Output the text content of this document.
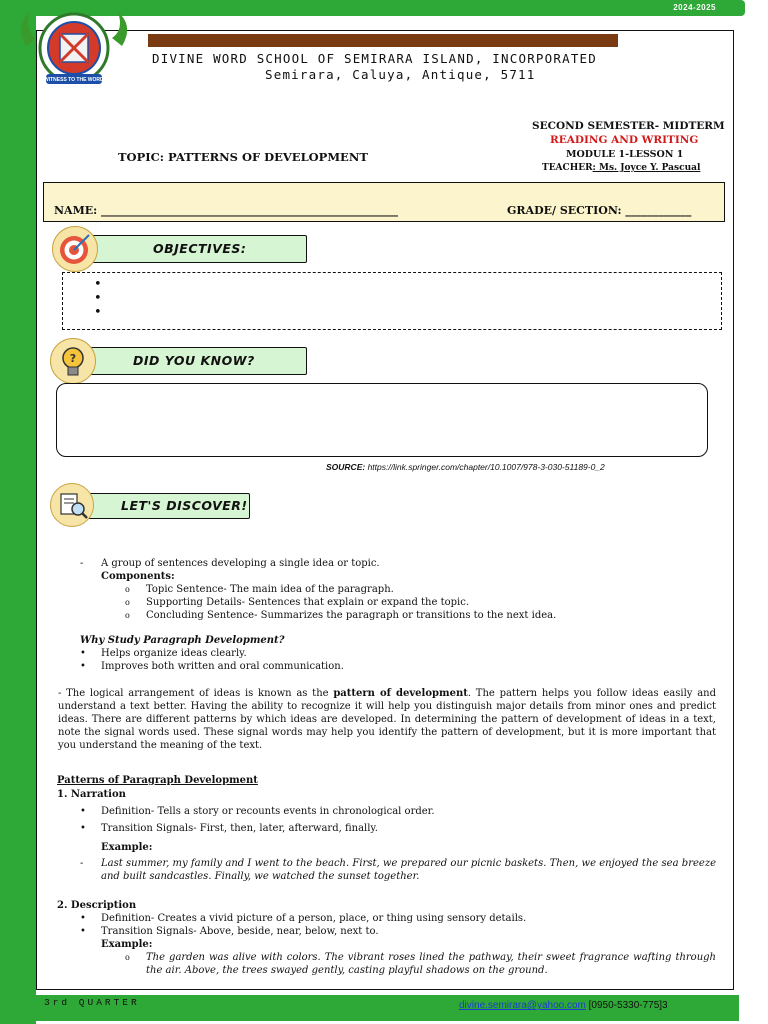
2024-2025
WITNESS TO THE WORD
DIVINE WORD SCHOOL OF SEMIRARA ISLAND, INCORPORATED
Semirara, Caluya, Antique, 5711
SECOND SEMESTER- MIDTERM
READING AND WRITING
MODULE 1-LESSON 1
TEACHER: Ms. Joyce Y. Pascual
TOPIC: PATTERNS OF DEVELOPMENT
NAME: ______________________________________________________	GRADE/ SECTION: ____________
OBJECTIVES:
•
•
•
DID YOU KNOW?
?
SOURCE: https://link.springer.com/chapter/10.1007/978-3-030-51189-0_2
LET'S DISCOVER!
- A group of sentences developing a single idea or topic.
Components:
o Topic Sentence- The main idea of the paragraph.
o Supporting Details- Sentences that explain or expand the topic.
o Concluding Sentence- Summarizes the paragraph or transitions to the next idea.
Why Study Paragraph Development?
• Helps organize ideas clearly.
• Improves both written and oral communication.
- The logical arrangement of ideas is known as the pattern of development. The pattern helps you follow ideas easily and understand a text better. Having the ability to recognize it will help you distinguish major details from minor ones and predict ideas. There are different patterns by which ideas are developed. In determining the pattern of development of ideas in a text, note the signal words used. These signal words may help you identify the pattern of development, but it is more important that you understand the meaning of the text.
Patterns of Paragraph Development
1. Narration
• Definition- Tells a story or recounts events in chronological order.
• Transition Signals- First, then, later, afterward, finally.
Example:
- Last summer, my family and I went to the beach. First, we prepared our picnic baskets. Then, we enjoyed the sea breeze and built sandcastles. Finally, we watched the sunset together.
2. Description
• Definition- Creates a vivid picture of a person, place, or thing using sensory details.
• Transition Signals- Above, beside, near, below, next to.
Example:
o The garden was alive with colors. The vibrant roses lined the pathway, their sweet fragrance wafting through the air. Above, the trees swayed gently, casting playful shadows on the ground.
3rd QUARTER	divine.semirara@yahoo.com [0950-5330-775]3
